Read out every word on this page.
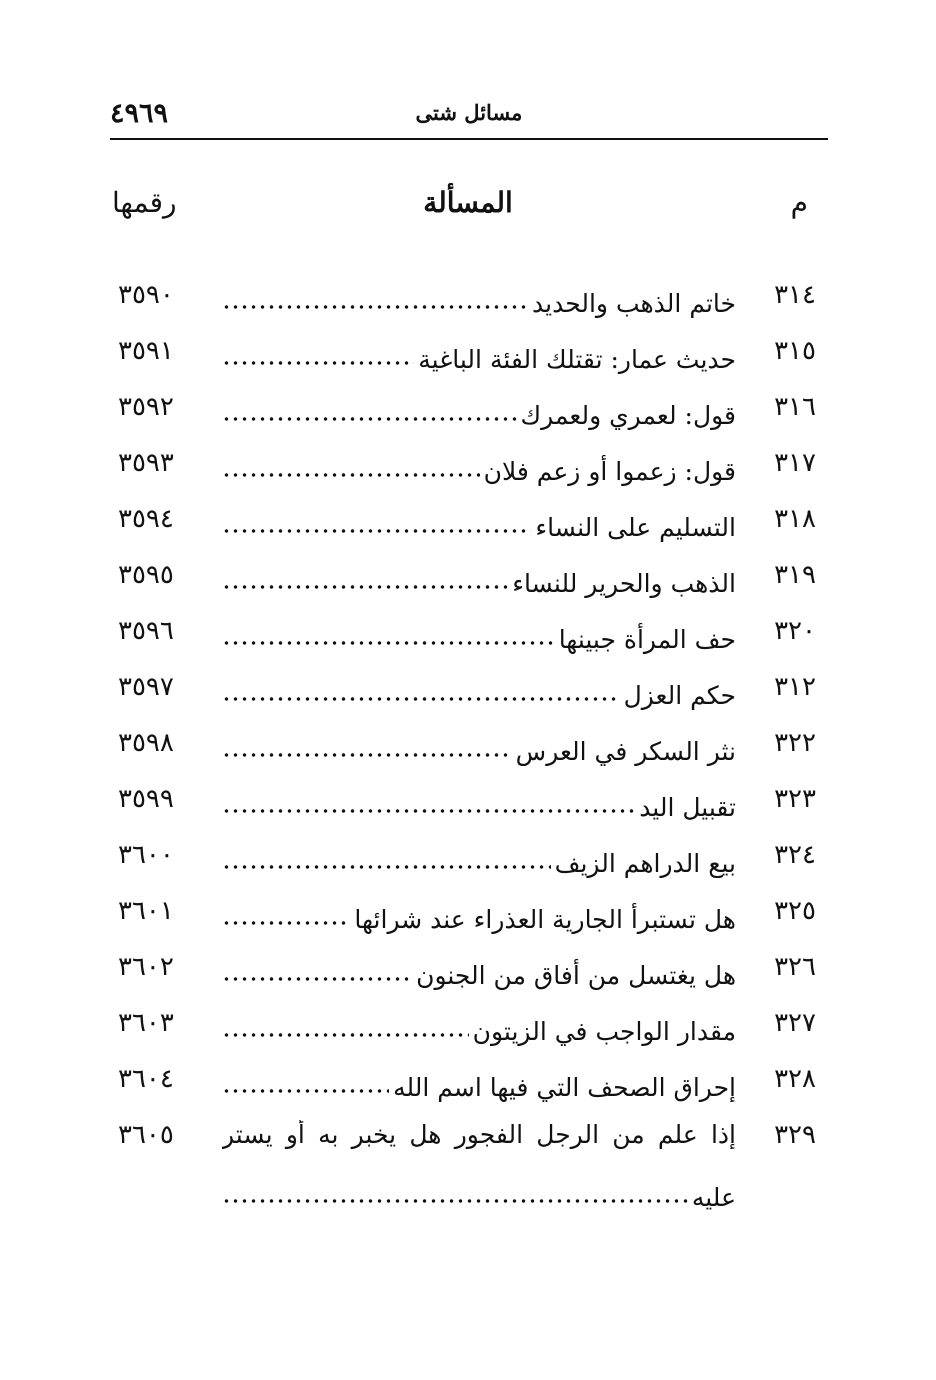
٤٩٦٩	مسائل شتى
م
المسألة
رقمها
٣١٤
خاتم الذهب والحديد
٣٥٩٠
٣١٥
حديث عمار: تقتلك الفئة الباغية
٣٥٩١
٣١٦
قول: لعمري ولعمرك
٣٥٩٢
٣١٧
قول: زعموا أو زعم فلان
٣٥٩٣
٣١٨
التسليم على النساء
٣٥٩٤
٣١٩
الذهب والحرير للنساء
٣٥٩٥
٣٢٠
حف المرأة جبينها
٣٥٩٦
٣١٢
حكم العزل
٣٥٩٧
٣٢٢
نثر السكر في العرس
٣٥٩٨
٣٢٣
تقبيل اليد
٣٥٩٩
٣٢٤
بيع الدراهم الزيف
٣٦٠٠
٣٢٥
هل تستبرأ الجارية العذراء عند شرائها
٣٦٠١
٣٢٦
هل يغتسل من أفاق من الجنون
٣٦٠٢
٣٢٧
مقدار الواجب في الزيتون
٣٦٠٣
٣٢٨
إحراق الصحف التي فيها اسم الله
٣٦٠٤
٣٢٩
إذا علم من الرجل الفجور هل يخبر به أو يستر
عليه
٣٦٠٥
